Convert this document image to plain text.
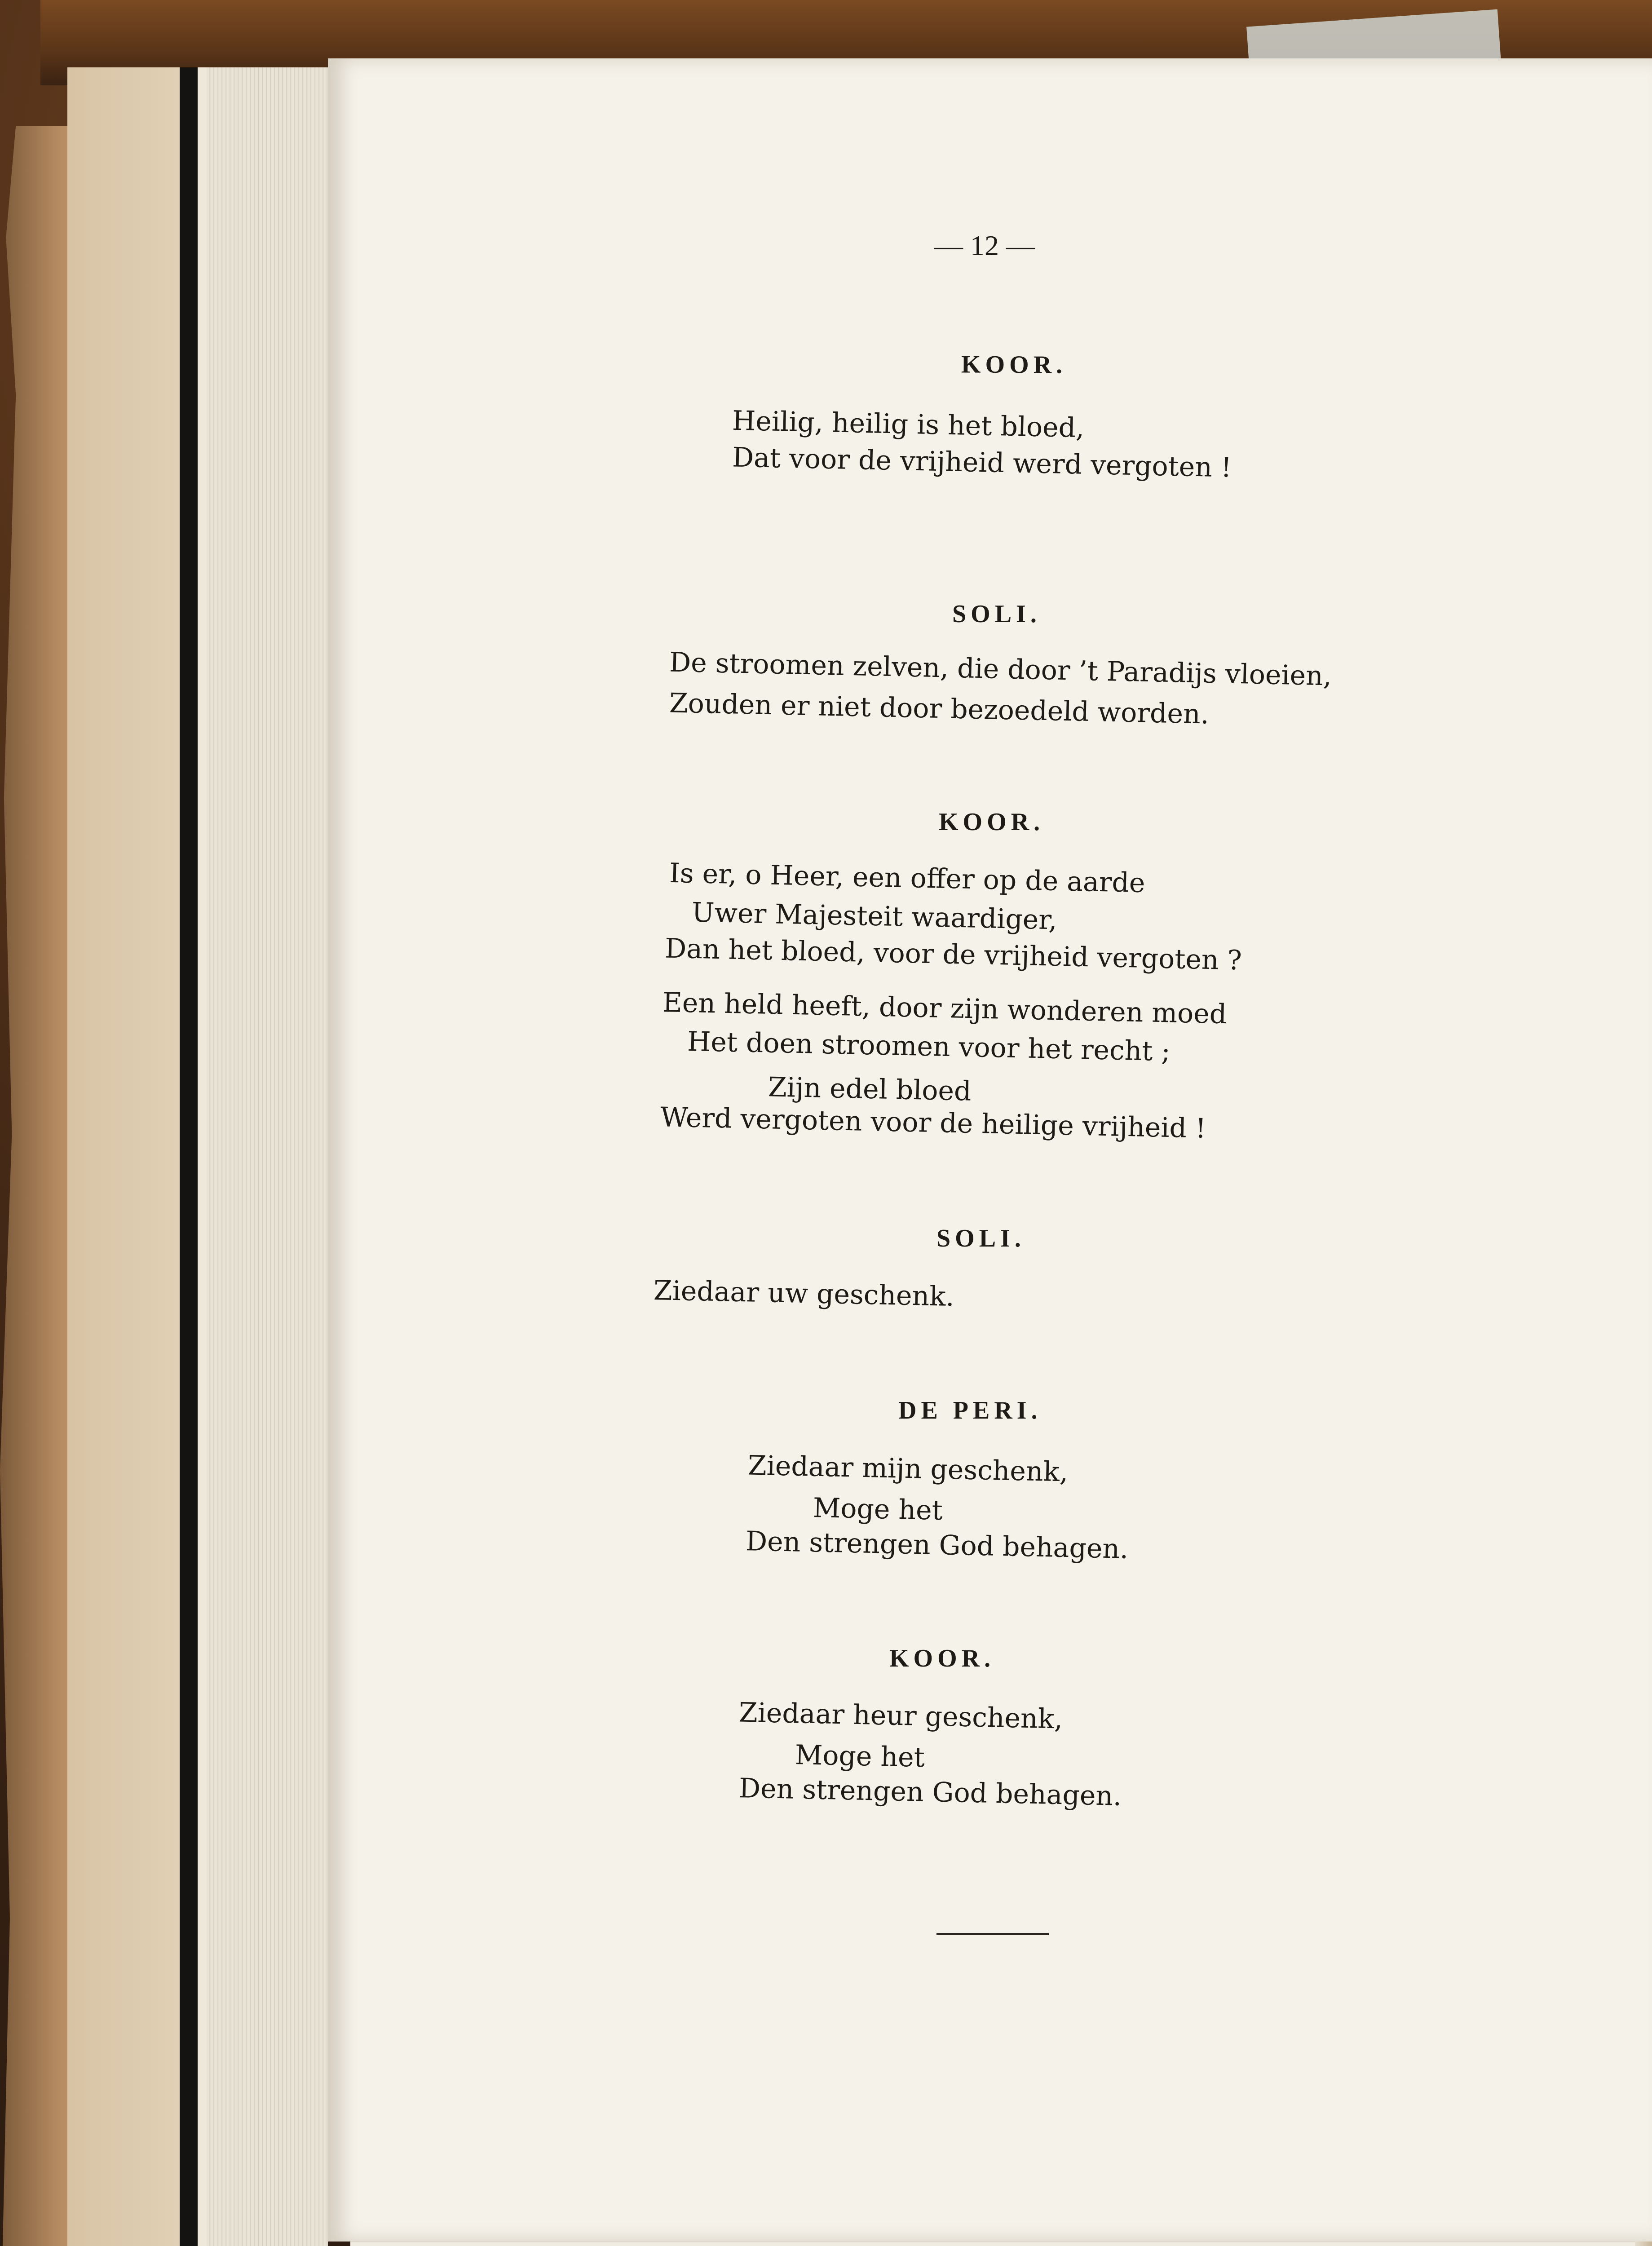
— 12 —
KOOR.
Heilig, heilig is het bloed,
Dat voor de vrijheid werd vergoten !
SOLI.
De stroomen zelven, die door ’t Paradijs vloeien,
Zouden er niet door bezoedeld worden.
KOOR.
Is er, o Heer, een offer op de aarde
Uwer Majesteit waardiger,
Dan het bloed, voor de vrijheid vergoten ?
Een held heeft, door zijn wonderen moed
Het doen stroomen voor het recht ;
Zijn edel bloed
Werd vergoten voor de heilige vrijheid !
SOLI.
Ziedaar uw geschenk.
DE PERI.
Ziedaar mijn geschenk,
Moge het
Den strengen God behagen.
KOOR.
Ziedaar heur geschenk,
Moge het
Den strengen God behagen.
